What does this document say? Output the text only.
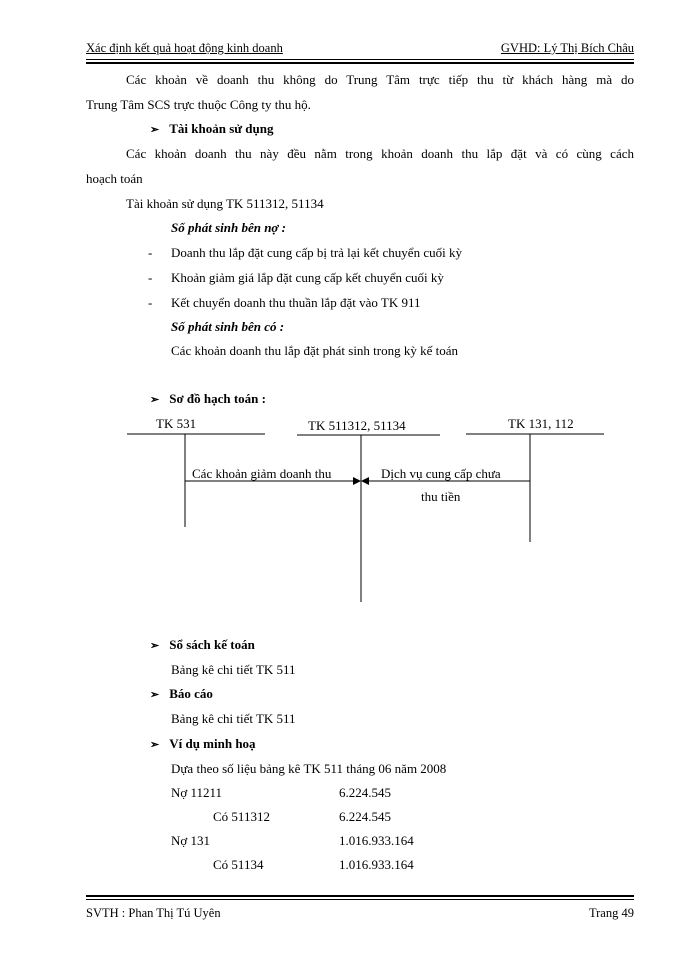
Xác định kết quả hoạt động kinh doanh	GVHD: Lý Thị Bích Châu
Các khoản về doanh thu không do Trung Tâm trực tiếp thu từ khách hàng mà do
Trung Tâm SCS trực thuộc Công ty thu hộ.
➢ Tài khoản sử dụng
Các khoản doanh thu này đều nằm trong khoản doanh thu lắp đặt và có cùng cách
hoạch toán
Tài khoản sử dụng TK 511312, 51134
Số phát sinh bên nợ :
- Doanh thu lắp đặt cung cấp bị trả lại kết chuyển cuối kỳ
- Khoản giảm giá lắp đặt cung cấp kết chuyển cuối kỳ
- Kết chuyển doanh thu thuần lắp đặt vào TK 911
Số phát sinh bên có :
Các khoản doanh thu lắp đặt phát sinh trong kỳ kế toán
➢ Sơ đồ hạch toán :
TK 531	TK 511312, 51134	TK 131, 112
Các khoản giảm doanh thu	Dịch vụ cung cấp chưa
thu tiền
➢ Sổ sách kế toán
Bảng kê chi tiết TK 511
➢ Báo cáo
Bảng kê chi tiết TK 511
➢ Ví dụ minh hoạ
Dựa theo số liệu bảng kê TK 511 tháng 06 năm 2008
Nợ 11211	6.224.545
Có 511312	6.224.545
Nợ 131	1.016.933.164
Có 51134	1.016.933.164
SVTH : Phan Thị Tú Uyên	Trang 49
